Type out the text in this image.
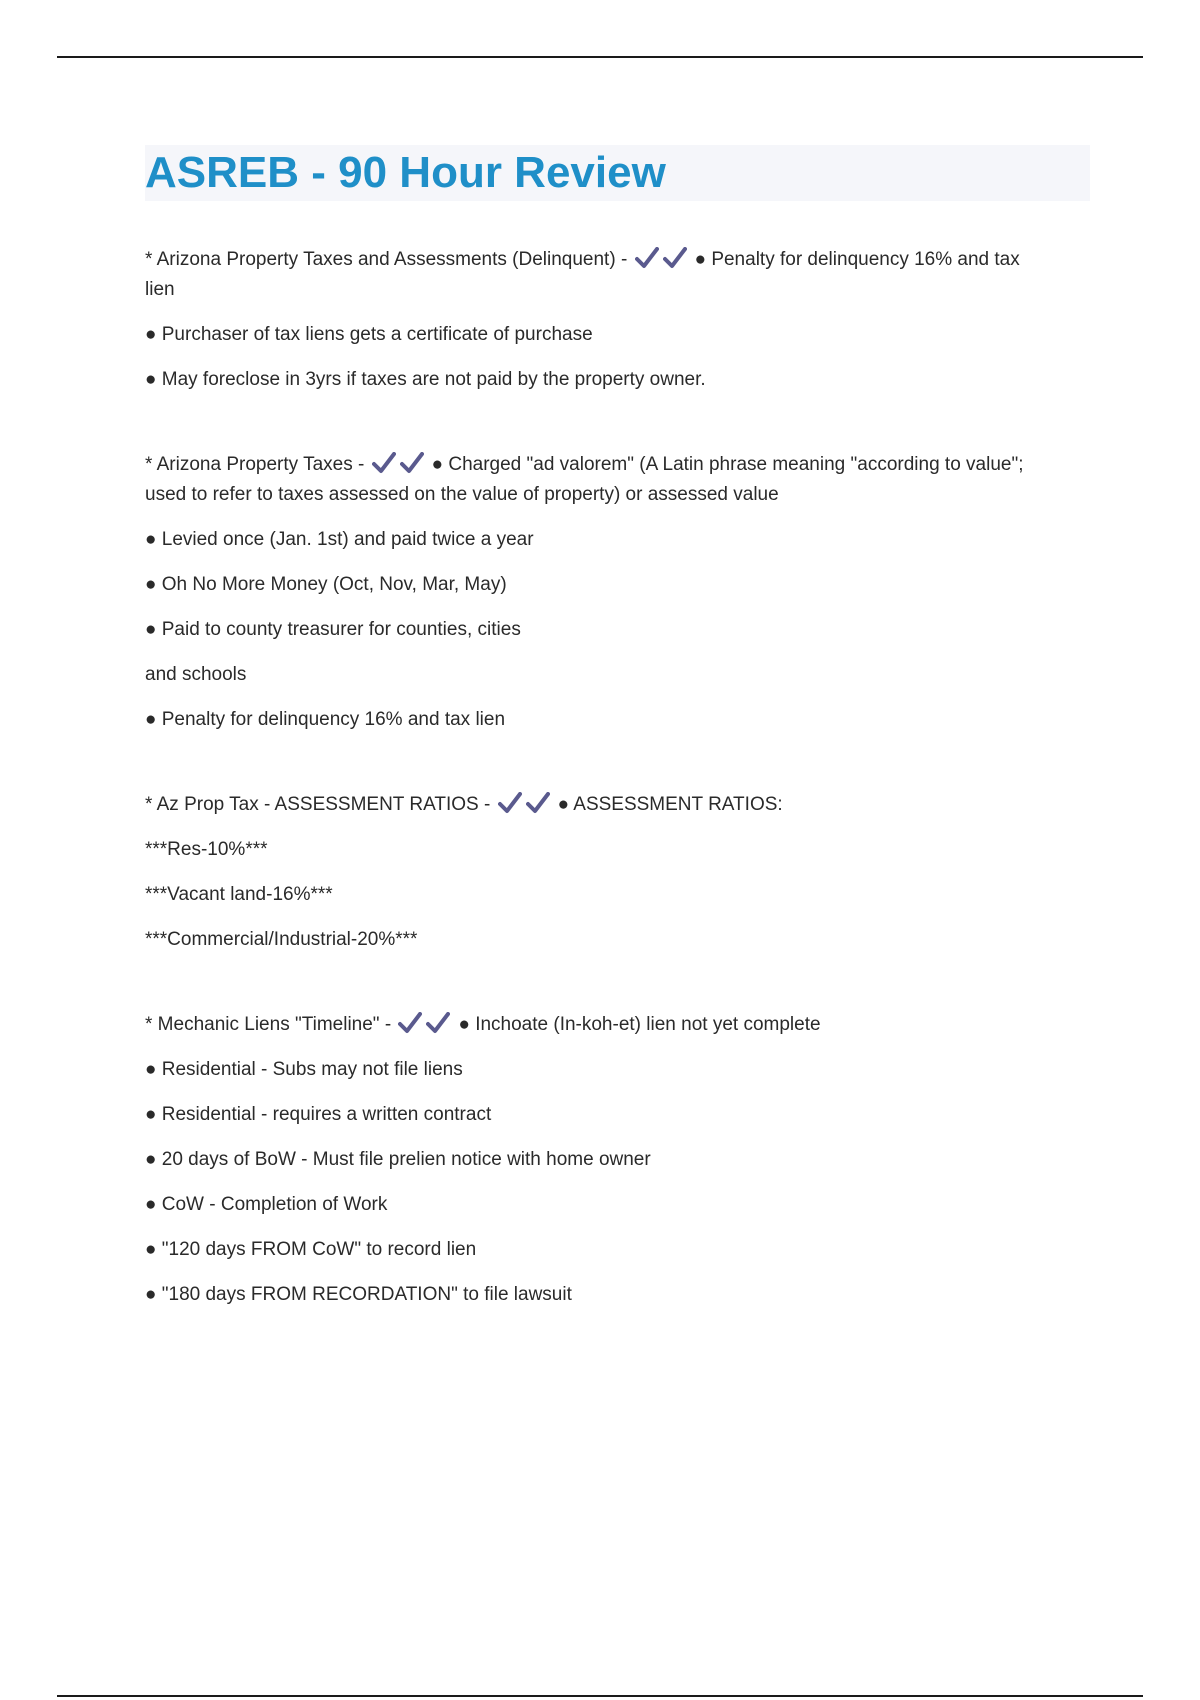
ASREB - 90 Hour Review

* Arizona Property Taxes and Assessments (Delinquent) -	● Penalty for delinquency 16% and tax

lien

● Purchaser of tax liens gets a certificate of purchase

● May foreclose in 3yrs if taxes are not paid by the property owner.

* Arizona Property Taxes -	● Charged "ad valorem" (A Latin phrase meaning "according to value";

used to refer to taxes assessed on the value of property) or assessed value

● Levied once (Jan. 1st) and paid twice a year

● Oh No More Money (Oct, Nov, Mar, May)

● Paid to county treasurer for counties, cities

and schools

● Penalty for delinquency 16% and tax lien

* Az Prop Tax - ASSESSMENT RATIOS -	● ASSESSMENT RATIOS:

***Res-10%***

***Vacant land-16%***

***Commercial/Industrial-20%***

* Mechanic Liens "Timeline" -	● Inchoate (In-koh-et) lien not yet complete

● Residential - Subs may not file liens

● Residential - requires a written contract

● 20 days of BoW - Must file prelien notice with home owner

● CoW - Completion of Work

● "120 days FROM CoW" to record lien

● "180 days FROM RECORDATION" to file lawsuit
